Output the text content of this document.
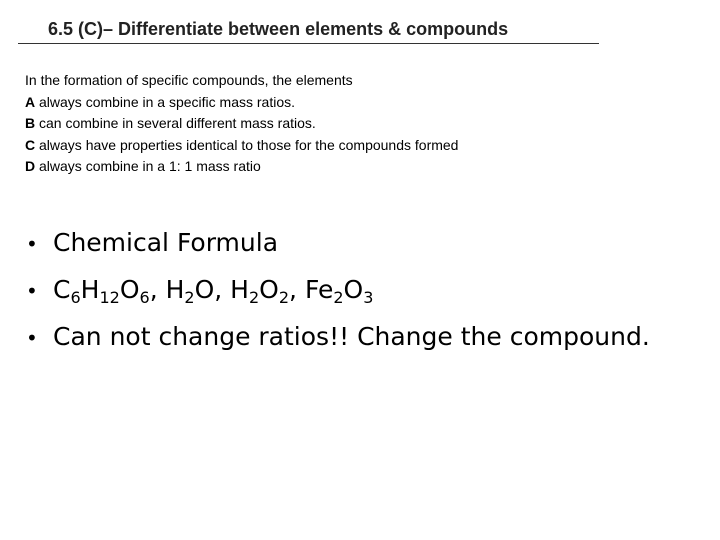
6.5 (C)– Differentiate between elements & compounds
In the formation of specific compounds, the elements
A always combine in a specific mass ratios.
B can combine in several different mass ratios.
C always have properties identical to those for the compounds formed
D always combine in a 1: 1 mass ratio
• Chemical Formula
• $C_6H_{12}O_6$, $H_2O$, $H_2O_2$, $Fe_2O_3$
• Can not change ratios!! Change the compound.
